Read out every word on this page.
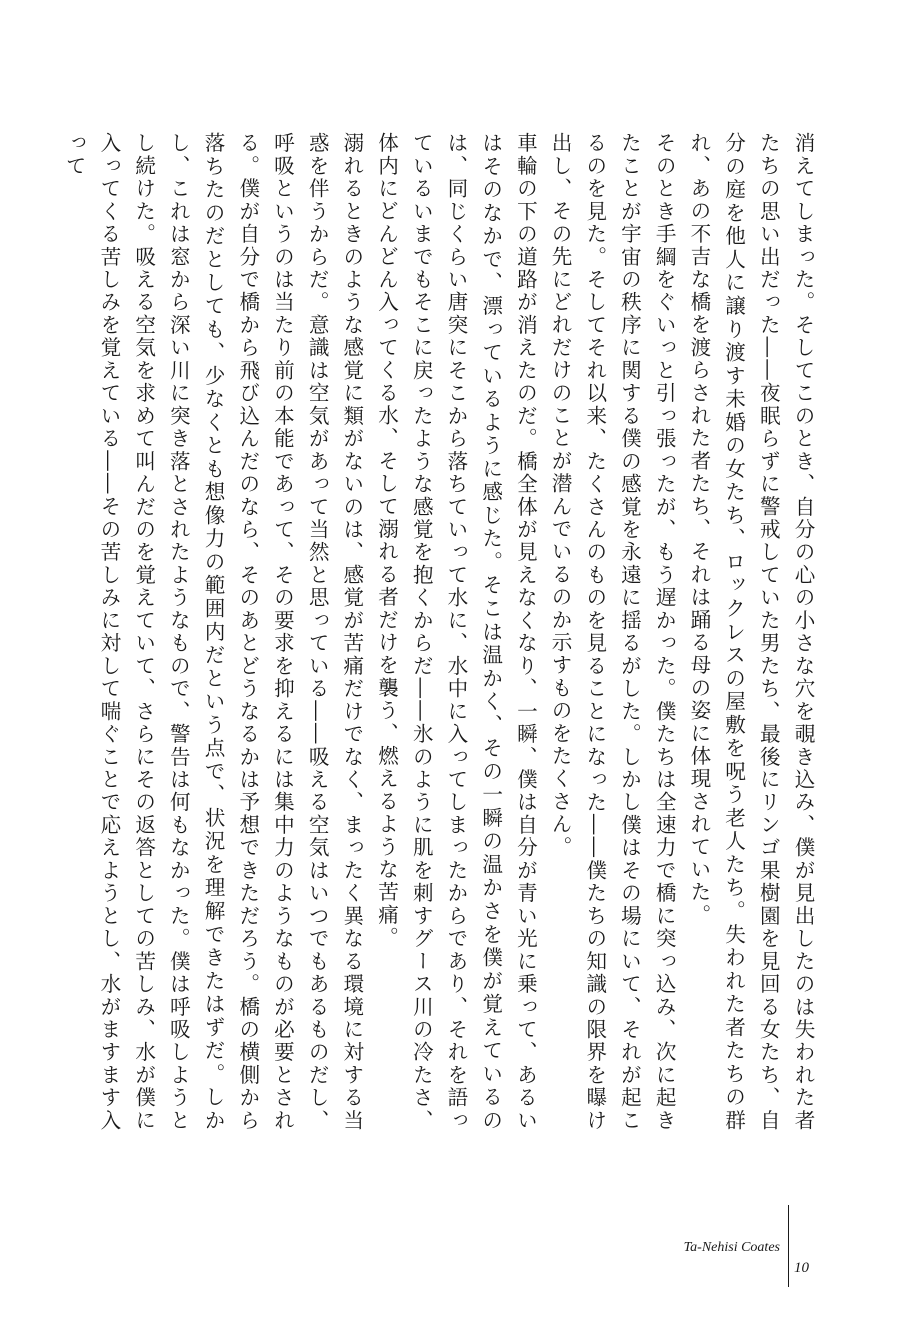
消えてしまった。そしてこのとき、自分の心の小さな穴を覗き込み、僕が見出したのは失われた者たちの思い出だった――夜眠らずに警戒していた男たち、最後にリンゴ果樹園を見回る女たち、自分の庭を他人に譲り渡す未婚の女たち、ロックレスの屋敷を呪う老人たち。失われた者たちの群れ、あの不吉な橋を渡らされた者たち、それは踊る母の姿に体現されていた。

そのとき手綱をぐいっと引っ張ったが、もう遅かった。僕たちは全速力で橋に突っ込み、次に起きたことが宇宙の秩序に関する僕の感覚を永遠に揺るがした。しかし僕はその場にいて、それが起こるのを見た。そしてそれ以来、たくさんのものを見ることになった――僕たちの知識の限界を曝け出し、その先にどれだけのことが潜んでいるのか示すものをたくさん。

車輪の下の道路が消えたのだ。橋全体が見えなくなり、一瞬、僕は自分が青い光に乗って、あるいはそのなかで、漂っているように感じた。そこは温かく、その一瞬の温かさを僕が覚えているのは、同じくらい唐突にそこから落ちていって水に、水中に入ってしまったからであり、それを語っているいまでもそこに戻ったような感覚を抱くからだ――氷のように肌を刺すグース川の冷たさ、体内にどんどん入ってくる水、そして溺れる者だけを襲う、燃えるような苦痛。

溺れるときのような感覚に類がないのは、感覚が苦痛だけでなく、まったく異なる環境に対する当惑を伴うからだ。意識は空気があって当然と思っている――吸える空気はいつでもあるものだし、呼吸というのは当たり前の本能であって、その要求を抑えるには集中力のようなものが必要とされる。僕が自分で橋から飛び込んだのなら、そのあとどうなるかは予想できただろう。橋の横側から落ちたのだとしても、少なくとも想像力の範囲内だという点で、状況を理解できたはずだ。しかし、これは窓から深い川に突き落とされたようなもので、警告は何もなかった。僕は呼吸しようとし続けた。吸える空気を求めて叫んだのを覚えていて、さらにその返答としての苦しみ、水が僕に入ってくる苦しみを覚えている――その苦しみに対して喘ぐことで応えようとし、水がますます入って

Ta-Nehisi Coates
10
